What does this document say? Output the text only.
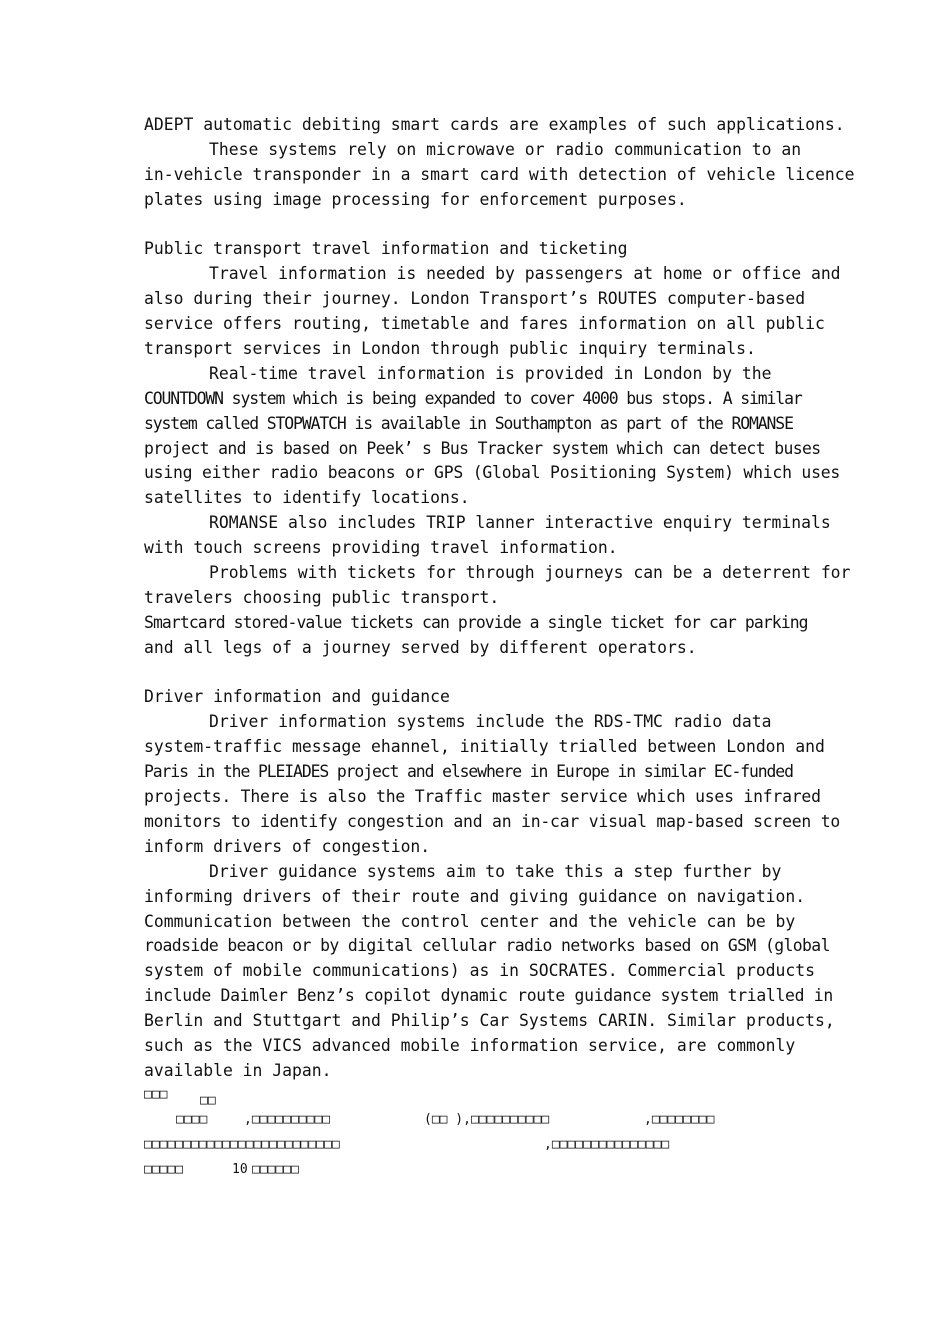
ADEPT automatic debiting smart cards are examples of such applications.
These systems rely on microwave or radio communication to an
in-vehicle transponder in a smart card with detection of vehicle licence
plates using image processing for enforcement purposes.
Public transport travel information and ticketing
Travel information is needed by passengers at home or office and
also during their journey. London Transport’s ROUTES computer-based
service offers routing, timetable and fares information on all public
transport services in London through public inquiry terminals.
Real-time travel information is provided in London by the
COUNTDOWN system which is being expanded to cover 4000 bus stops. A similar
system called STOPWATCH is available in Southampton as part of the ROMANSE
project and is based on Peek’ s Bus Tracker system which can detect buses
using either radio beacons or GPS (Global Positioning System) which uses
satellites to identify locations.
ROMANSE also includes TRIP lanner interactive enquiry terminals
with touch screens providing travel information.
Problems with tickets for through journeys can be a deterrent for
travelers choosing public transport.
Smartcard stored-value tickets can provide a single ticket for car parking
and all legs of a journey served by different operators.
Driver information and guidance
Driver information systems include the RDS-TMC radio data
system-traffic message ehannel, initially trialled between London and
Paris in the PLEIADES project and elsewhere in Europe in similar EC-funded
projects. There is also the Traffic master service which uses infrared
monitors to identify congestion and an in-car visual map-based screen to
inform drivers of congestion.
Driver guidance systems aim to take this a step further by
informing drivers of their route and giving guidance on navigation.
Communication between the control center and the vehicle can be by
roadside beacon or by digital cellular radio networks based on GSM (global
system of mobile communications) as in SOCRATES. Commercial products
include Daimler Benz’s copilot dynamic route guidance system trialled in
Berlin and Stuttgart and Philip’s Car Systems CARIN. Similar products,
such as the VICS advanced mobile information service, are commonly
available in Japan.
□□□	□□
□□□□	,□□□□□□□□□□	(□□ ),□□□□□□□□□□	,□□□□□□□□
□□□□□□□□□□□□□□□□□□□□□□□□□	,□□□□□□□□□□□□□□□
□□□□□	10 □□□□□□
